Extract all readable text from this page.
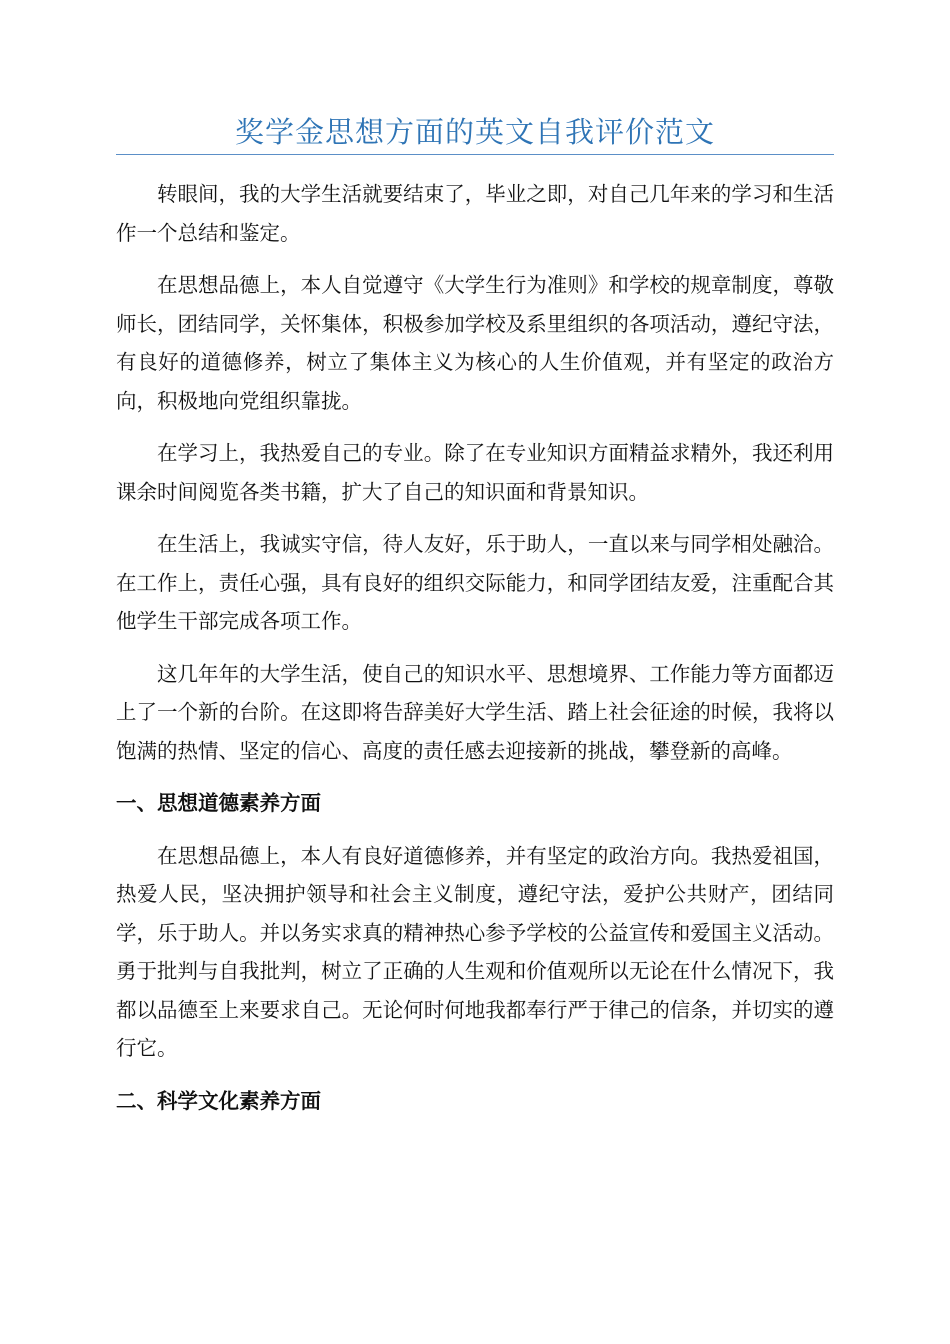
奖学金思想方面的英文自我评价范文

转眼间，我的大学生活就要结束了，毕业之即，对自己几年来的学习和生活作一个总结和鉴定。

在思想品德上，本人自觉遵守《大学生行为准则》和学校的规章制度，尊敬师长，团结同学，关怀集体，积极参加学校及系里组织的各项活动，遵纪守法，有良好的道德修养，树立了集体主义为核心的人生价值观，并有坚定的政治方向，积极地向党组织靠拢。

在学习上，我热爱自己的专业。除了在专业知识方面精益求精外，我还利用课余时间阅览各类书籍，扩大了自己的知识面和背景知识。

在生活上，我诚实守信，待人友好，乐于助人，一直以来与同学相处融洽。在工作上，责任心强，具有良好的组织交际能力，和同学团结友爱，注重配合其他学生干部完成各项工作。

这几年年的大学生活，使自己的知识水平、思想境界、工作能力等方面都迈上了一个新的台阶。在这即将告辞美好大学生活、踏上社会征途的时候，我将以饱满的热情、坚定的信心、高度的责任感去迎接新的挑战，攀登新的高峰。

一、思想道德素养方面

在思想品德上，本人有良好道德修养，并有坚定的政治方向。我热爱祖国，热爱人民，坚决拥护领导和社会主义制度，遵纪守法，爱护公共财产，团结同学，乐于助人。并以务实求真的精神热心参予学校的公益宣传和爱国主义活动。勇于批判与自我批判，树立了正确的人生观和价值观所以无论在什么情况下，我都以品德至上来要求自己。无论何时何地我都奉行严于律己的信条，并切实的遵行它。

二、科学文化素养方面
